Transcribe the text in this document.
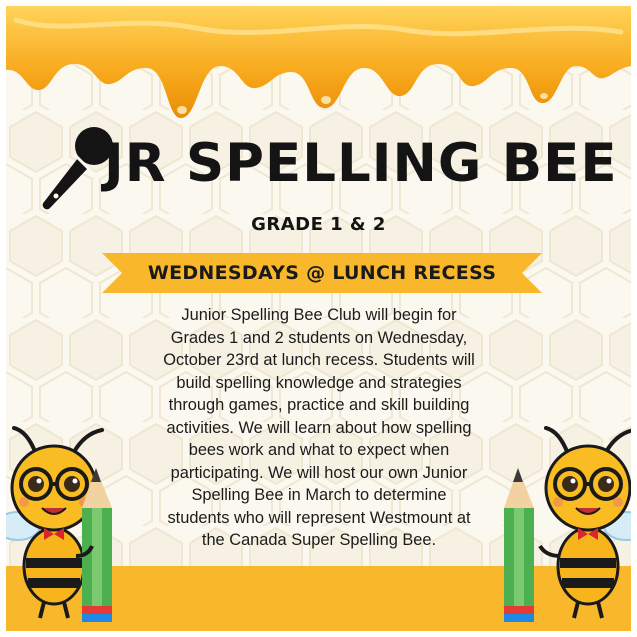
JR SPELLING BEE
GRADE 1 & 2
WEDNESDAYS @ LUNCH RECESS

Junior Spelling Bee Club will begin for

Grades 1 and 2 students on Wednesday,

October 23rd at lunch recess. Students will

build spelling knowledge and strategies

through games, practice and skill building

activities. We will learn about how spelling

bees work and what to expect when

participating. We will host our own Junior

Spelling Bee in March to determine

students who will represent Westmount at

the Canada Super Spelling Bee.
